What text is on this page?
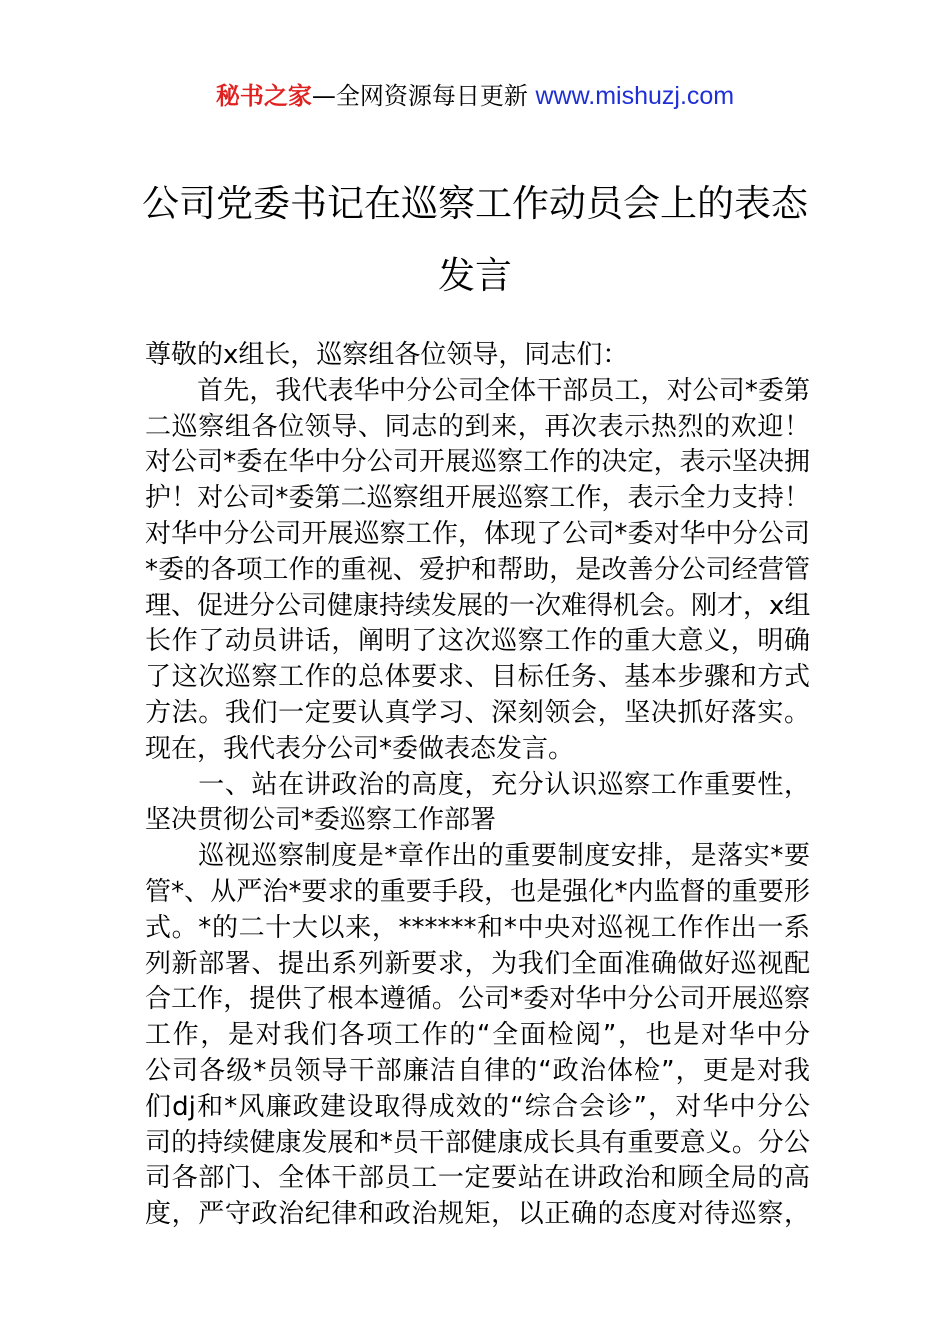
秘书之家—全网资源每日更新 www.mishuzj.com
公司党委书记在巡察工作动员会上的表态
发言
尊敬的x组长，巡察组各位领导，同志们：
　　首先，我代表华中分公司全体干部员工，对公司*委第
二巡察组各位领导、同志的到来，再次表示热烈的欢迎！
对公司*委在华中分公司开展巡察工作的决定，表示坚决拥
护！对公司*委第二巡察组开展巡察工作，表示全力支持！
对华中分公司开展巡察工作，体现了公司*委对华中分公司
*委的各项工作的重视、爱护和帮助，是改善分公司经营管
理、促进分公司健康持续发展的一次难得机会。刚才，x组
长作了动员讲话，阐明了这次巡察工作的重大意义，明确
了这次巡察工作的总体要求、目标任务、基本步骤和方式
方法。我们一定要认真学习、深刻领会，坚决抓好落实。
现在，我代表分公司*委做表态发言。
　　一、站在讲政治的高度，充分认识巡察工作重要性，
坚决贯彻公司*委巡察工作部署
　　巡视巡察制度是*章作出的重要制度安排，是落实*要
管*、从严治*要求的重要手段，也是强化*内监督的重要形
式。*的二十大以来，******和*中央对巡视工作作出一系
列新部署、提出系列新要求，为我们全面准确做好巡视配
合工作，提供了根本遵循。公司*委对华中分公司开展巡察
工作，是对我们各项工作的“全面检阅”，也是对华中分
公司各级*员领导干部廉洁自律的“政治体检”，更是对我
们dj和*风廉政建设取得成效的“综合会诊”，对华中分公
司的持续健康发展和*员干部健康成长具有重要意义。分公
司各部门、全体干部员工一定要站在讲政治和顾全局的高
度，严守政治纪律和政治规矩，以正确的态度对待巡察，
